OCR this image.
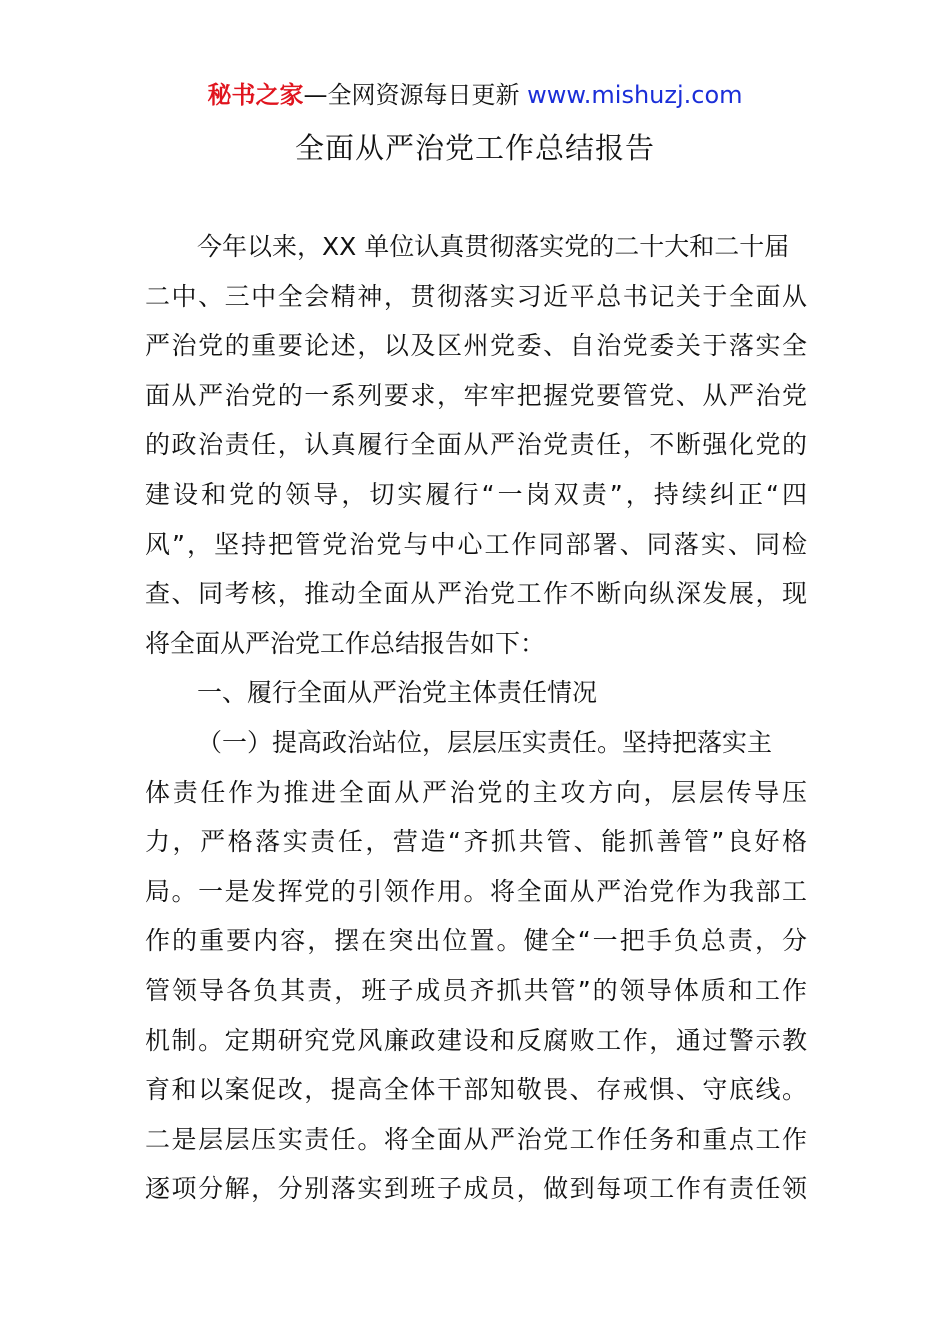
秘书之家—全网资源每日更新 www.mishuzj.com
全面从严治党工作总结报告
今年以来，XX 单位认真贯彻落实党的二十大和二十届
二中、三中全会精神，贯彻落实习近平总书记关于全面从
严治党的重要论述，以及区州党委、自治党委关于落实全
面从严治党的一系列要求，牢牢把握党要管党、从严治党
的政治责任，认真履行全面从严治党责任，不断强化党的
建设和党的领导，切实履行“一岗双责”，持续纠正“四
风”，坚持把管党治党与中心工作同部署、同落实、同检
查、同考核，推动全面从严治党工作不断向纵深发展，现
将全面从严治党工作总结报告如下：
一、履行全面从严治党主体责任情况
（一）提高政治站位，层层压实责任。坚持把落实主
体责任作为推进全面从严治党的主攻方向，层层传导压
力，严格落实责任，营造“齐抓共管、能抓善管”良好格
局。一是发挥党的引领作用。将全面从严治党作为我部工
作的重要内容，摆在突出位置。健全“一把手负总责，分
管领导各负其责，班子成员齐抓共管”的领导体质和工作
机制。定期研究党风廉政建设和反腐败工作，通过警示教
育和以案促改，提高全体干部知敬畏、存戒惧、守底线。
二是层层压实责任。将全面从严治党工作任务和重点工作
逐项分解，分别落实到班子成员，做到每项工作有责任领
